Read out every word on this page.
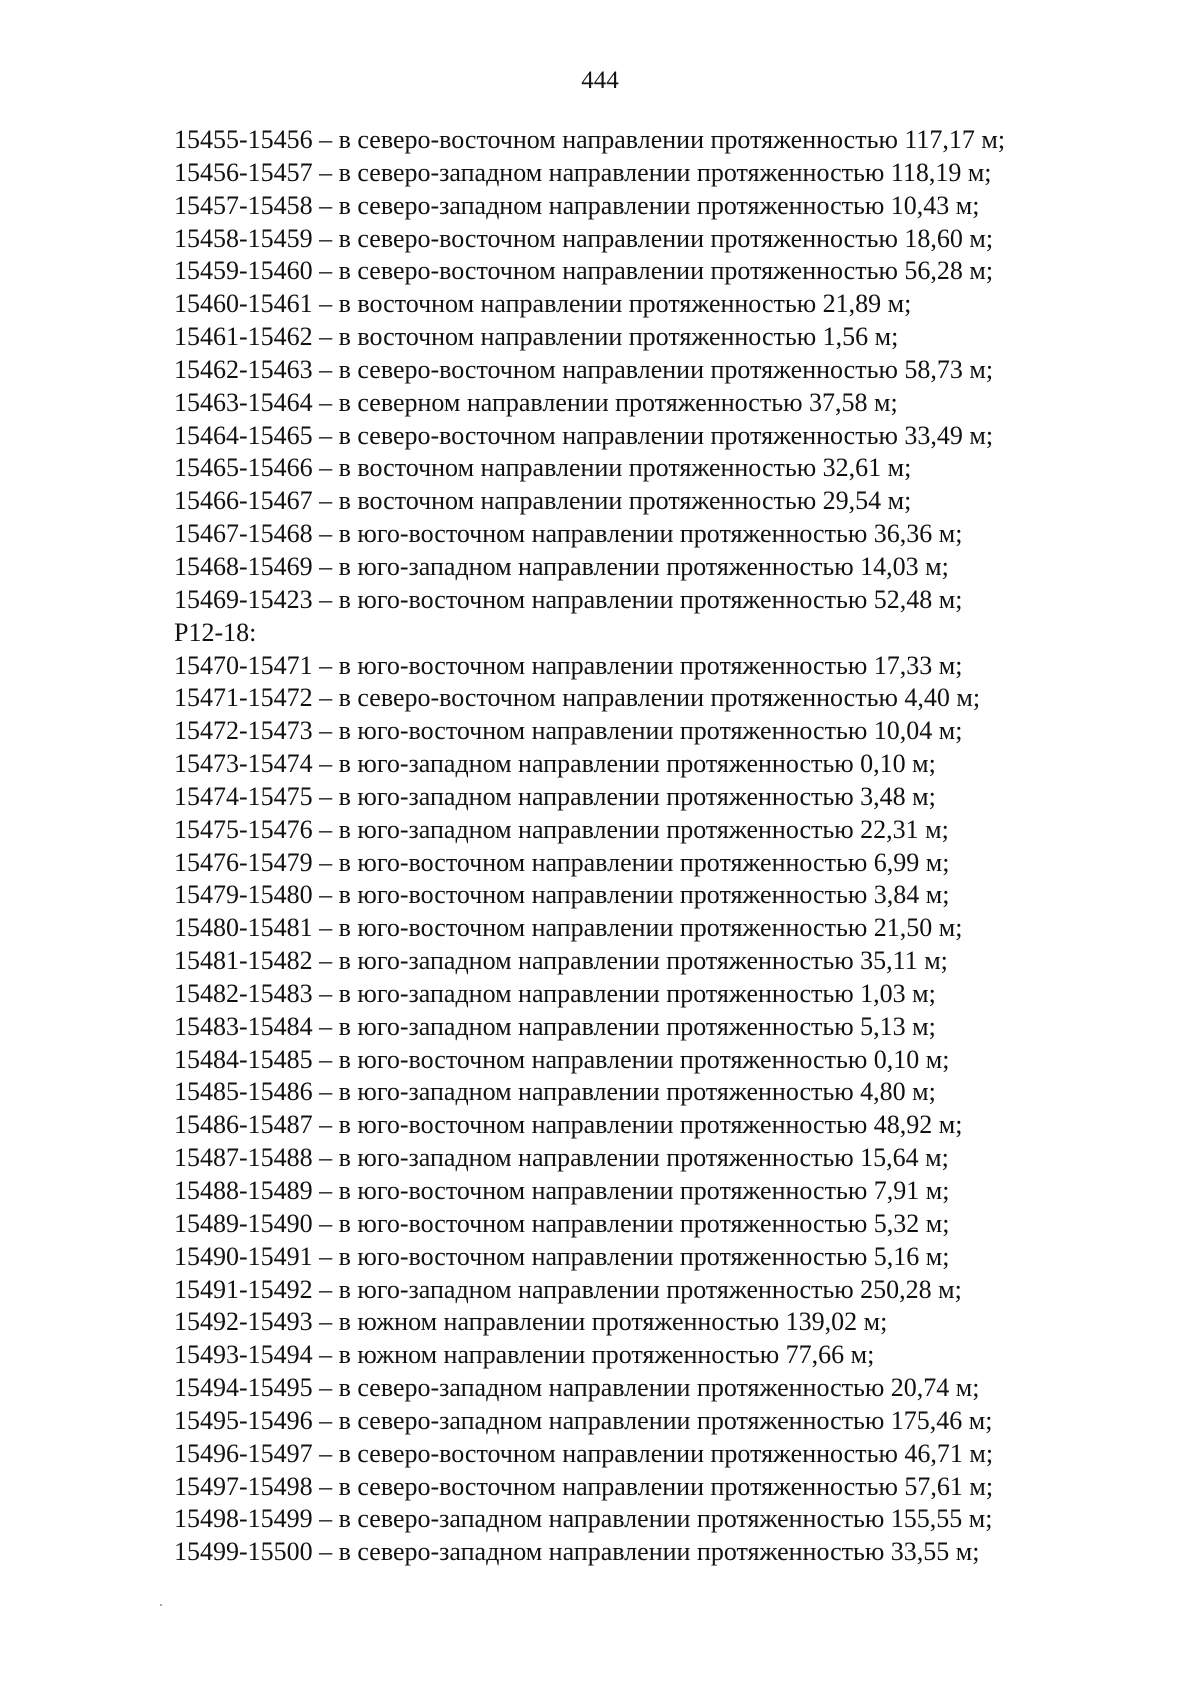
444
15455-15456 – в северо-восточном направлении протяженностью 117,17 м;
15456-15457 – в северо-западном направлении протяженностью 118,19 м;
15457-15458 – в северо-западном направлении протяженностью 10,43 м;
15458-15459 – в северо-восточном направлении протяженностью 18,60 м;
15459-15460 – в северо-восточном направлении протяженностью 56,28 м;
15460-15461 – в восточном направлении протяженностью 21,89 м;
15461-15462 – в восточном направлении протяженностью 1,56 м;
15462-15463 – в северо-восточном направлении протяженностью 58,73 м;
15463-15464 – в северном направлении протяженностью 37,58 м;
15464-15465 – в северо-восточном направлении протяженностью 33,49 м;
15465-15466 – в восточном направлении протяженностью 32,61 м;
15466-15467 – в восточном направлении протяженностью 29,54 м;
15467-15468 – в юго-восточном направлении протяженностью 36,36 м;
15468-15469 – в юго-западном направлении протяженностью 14,03 м;
15469-15423 – в юго-восточном направлении протяженностью 52,48 м;
Р12-18:
15470-15471 – в юго-восточном направлении протяженностью 17,33 м;
15471-15472 – в северо-восточном направлении протяженностью 4,40 м;
15472-15473 – в юго-восточном направлении протяженностью 10,04 м;
15473-15474 – в юго-западном направлении протяженностью 0,10 м;
15474-15475 – в юго-западном направлении протяженностью 3,48 м;
15475-15476 – в юго-западном направлении протяженностью 22,31 м;
15476-15479 – в юго-восточном направлении протяженностью 6,99 м;
15479-15480 – в юго-восточном направлении протяженностью 3,84 м;
15480-15481 – в юго-восточном направлении протяженностью 21,50 м;
15481-15482 – в юго-западном направлении протяженностью 35,11 м;
15482-15483 – в юго-западном направлении протяженностью 1,03 м;
15483-15484 – в юго-западном направлении протяженностью 5,13 м;
15484-15485 – в юго-восточном направлении протяженностью 0,10 м;
15485-15486 – в юго-западном направлении протяженностью 4,80 м;
15486-15487 – в юго-восточном направлении протяженностью 48,92 м;
15487-15488 – в юго-западном направлении протяженностью 15,64 м;
15488-15489 – в юго-восточном направлении протяженностью 7,91 м;
15489-15490 – в юго-восточном направлении протяженностью 5,32 м;
15490-15491 – в юго-восточном направлении протяженностью 5,16 м;
15491-15492 – в юго-западном направлении протяженностью 250,28 м;
15492-15493 – в южном направлении протяженностью 139,02 м;
15493-15494 – в южном направлении протяженностью 77,66 м;
15494-15495 – в северо-западном направлении протяженностью 20,74 м;
15495-15496 – в северо-западном направлении протяженностью 175,46 м;
15496-15497 – в северо-восточном направлении протяженностью 46,71 м;
15497-15498 – в северо-восточном направлении протяженностью 57,61 м;
15498-15499 – в северо-западном направлении протяженностью 155,55 м;
15499-15500 – в северо-западном направлении протяженностью 33,55 м;
